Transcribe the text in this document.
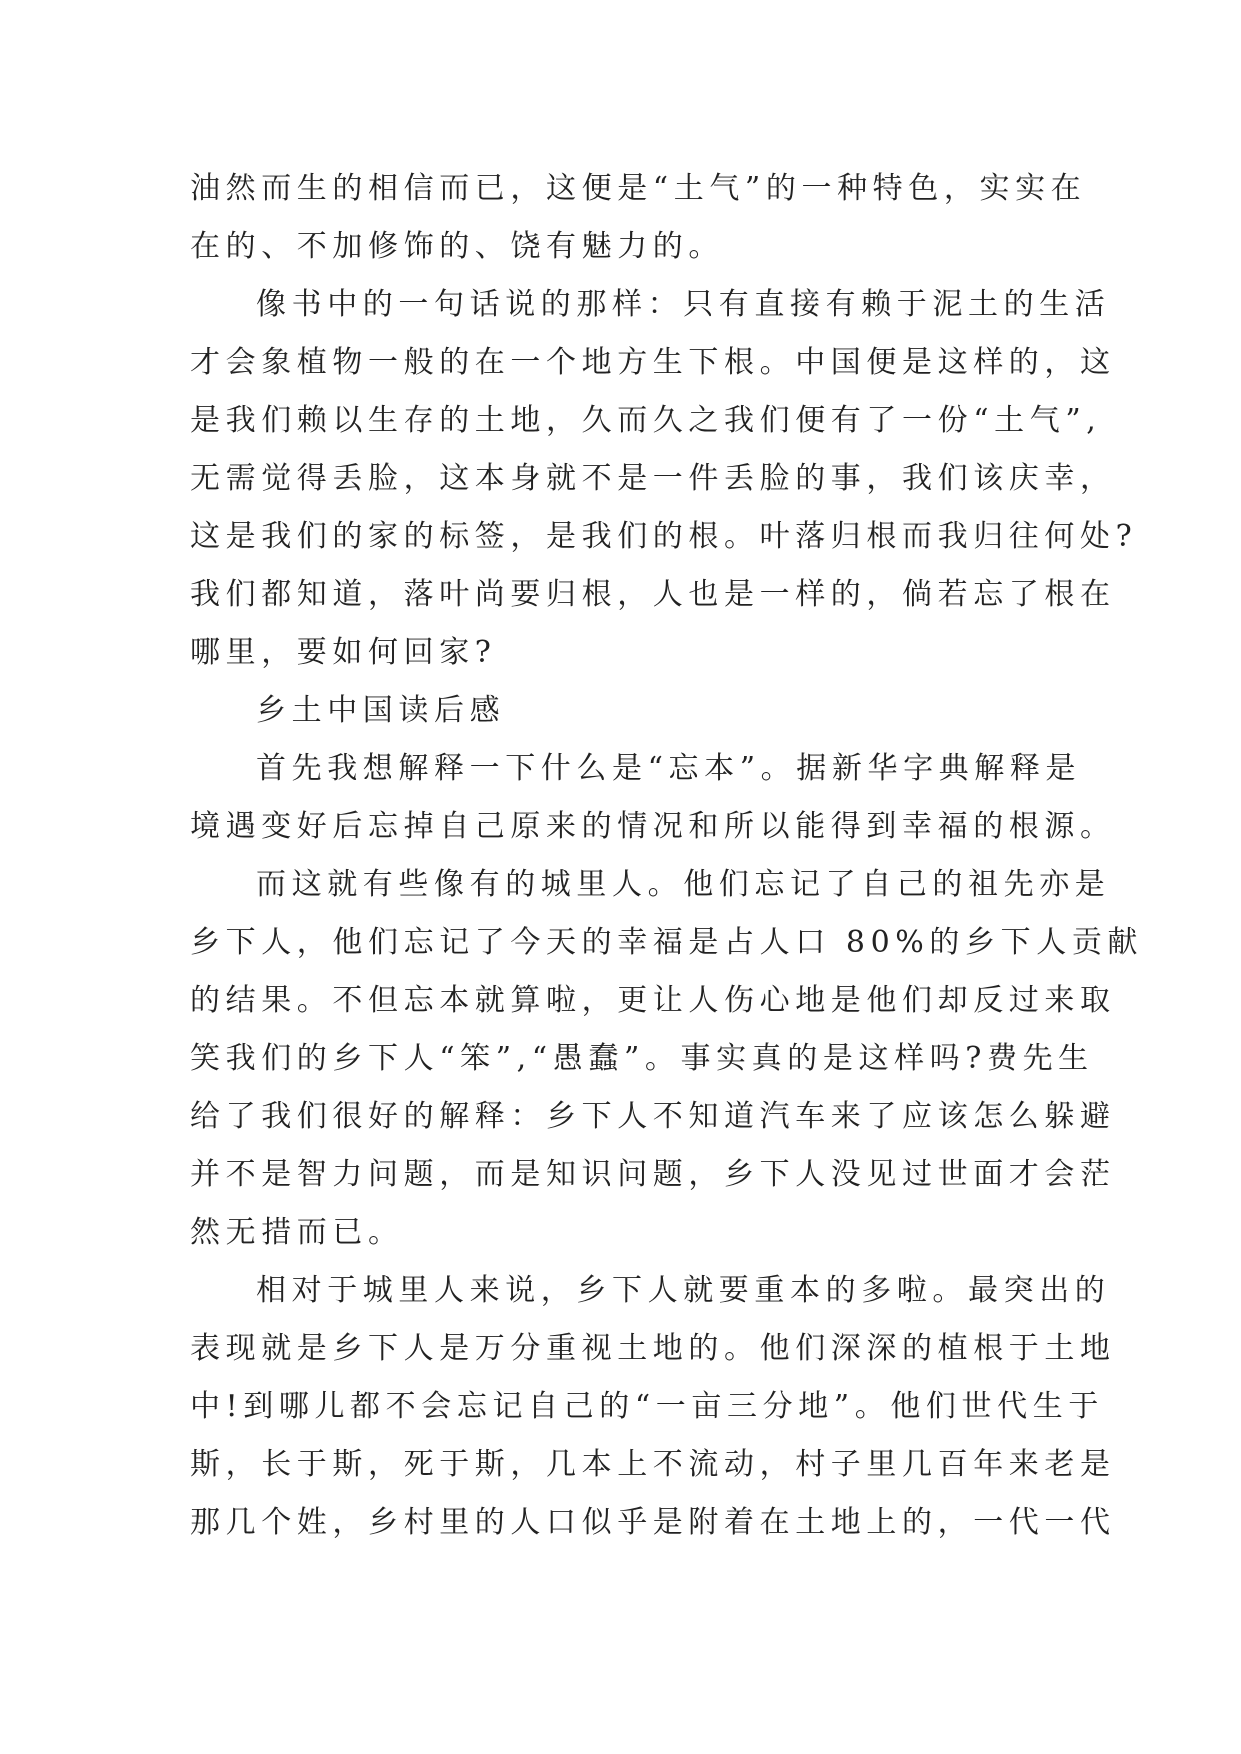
油然而生的相信而已，这便是“土气”的一种特色，实实在
在的、不加修饰的、饶有魅力的。
像书中的一句话说的那样：只有直接有赖于泥土的生活
才会象植物一般的在一个地方生下根。中国便是这样的，这
是我们赖以生存的土地，久而久之我们便有了一份“土气”,
无需觉得丢脸，这本身就不是一件丢脸的事，我们该庆幸，
这是我们的家的标签，是我们的根。叶落归根而我归往何处?
我们都知道，落叶尚要归根，人也是一样的，倘若忘了根在
哪里，要如何回家?
乡土中国读后感
首先我想解释一下什么是“忘本”。据新华字典解释是
境遇变好后忘掉自己原来的情况和所以能得到幸福的根源。
而这就有些像有的城里人。他们忘记了自己的祖先亦是
乡下人，他们忘记了今天的幸福是占人口 80%的乡下人贡献
的结果。不但忘本就算啦，更让人伤心地是他们却反过来取
笑我们的乡下人“笨”,“愚蠢”。事实真的是这样吗?费先生
给了我们很好的解释：乡下人不知道汽车来了应该怎么躲避
并不是智力问题，而是知识问题，乡下人没见过世面才会茫
然无措而已。
相对于城里人来说，乡下人就要重本的多啦。最突出的
表现就是乡下人是万分重视土地的。他们深深的植根于土地
中!到哪儿都不会忘记自己的“一亩三分地”。他们世代生于
斯，长于斯，死于斯，几本上不流动，村子里几百年来老是
那几个姓，乡村里的人口似乎是附着在土地上的，一代一代
